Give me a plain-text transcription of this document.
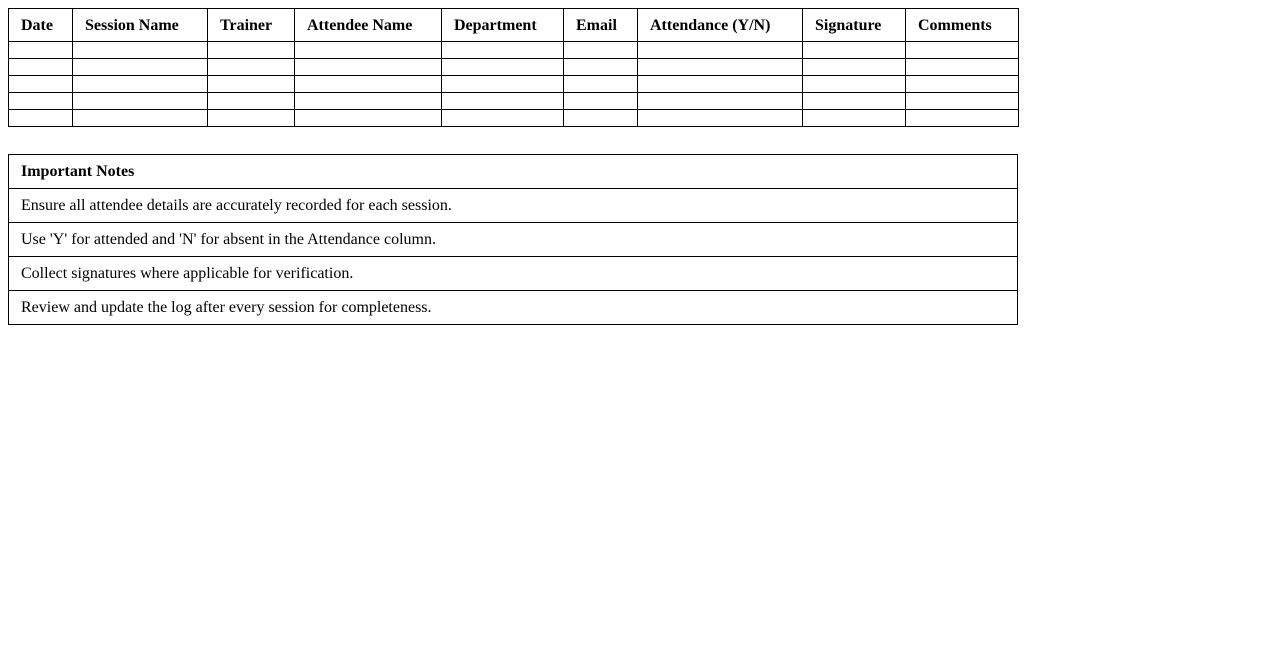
Date	Session Name	Trainer	Attendee Name	Department	Email	Attendance (Y/N)	Signature	Comments

Important Notes
Ensure all attendee details are accurately recorded for each session.
Use 'Y' for attended and 'N' for absent in the Attendance column.
Collect signatures where applicable for verification.
Review and update the log after every session for completeness.
